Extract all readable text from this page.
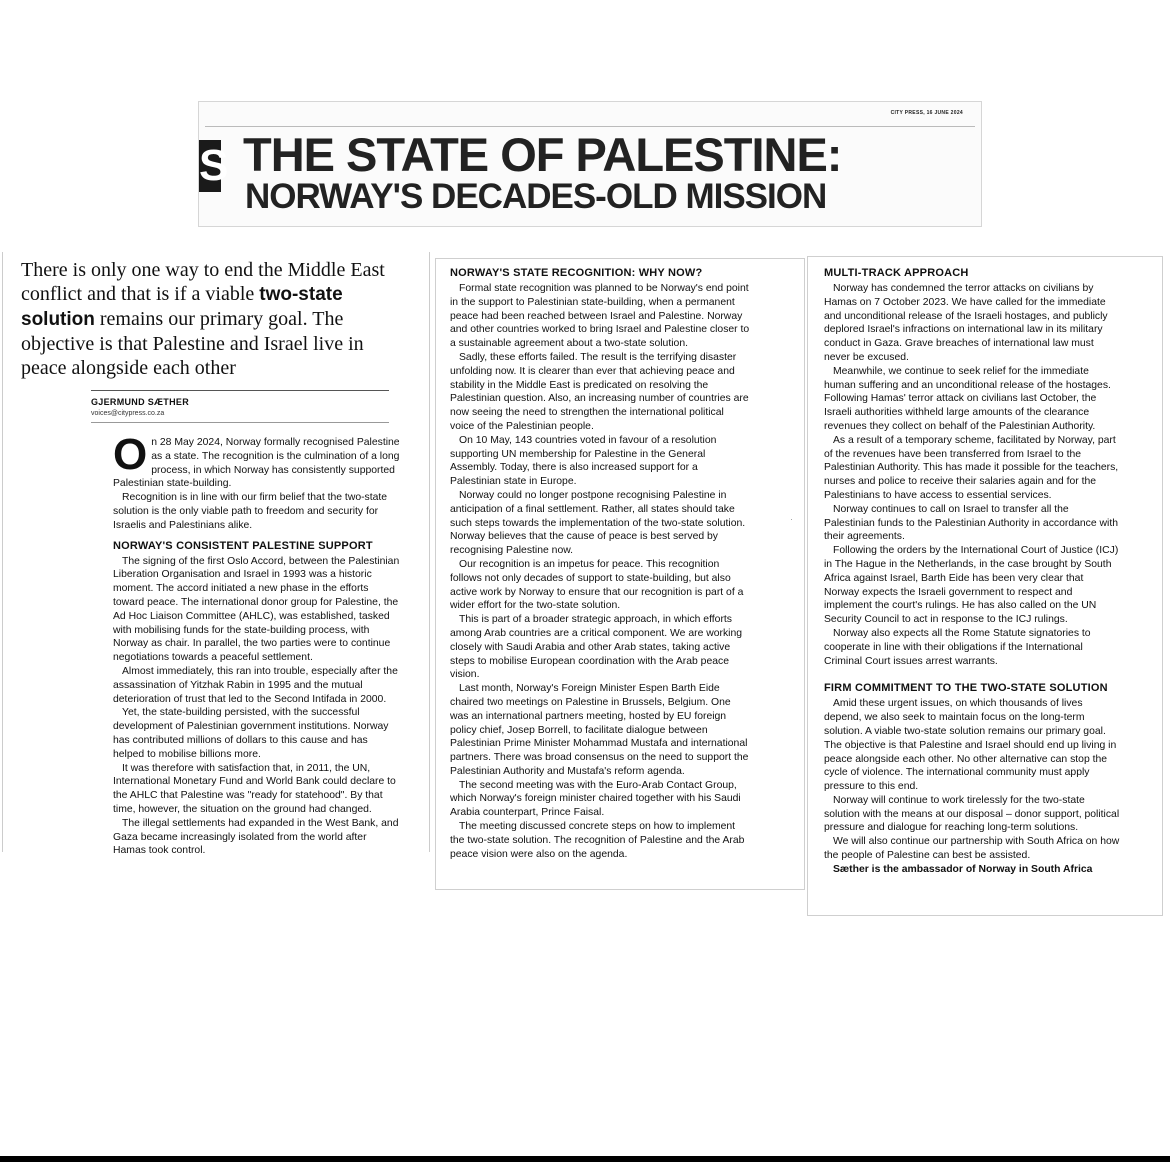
CITY PRESS, 16 JUNE 2024
S THE STATE OF PALESTINE:
NORWAY'S DECADES-OLD MISSION

There is only one way to end the Middle East conflict and that is if a viable two-state solution remains our primary goal. The objective is that Palestine and Israel live in peace alongside each other

GJERMUND SÆTHER
voices@citypress.co.za

On 28 May 2024, Norway formally recognised Palestine as a state. The recognition is the culmination of a long process, in which Norway has consistently supported Palestinian state-building.

Recognition is in line with our firm belief that the two-state solution is the only viable path to freedom and security for Israelis and Palestinians alike.

NORWAY'S CONSISTENT PALESTINE SUPPORT

The signing of the first Oslo Accord, between the Palestinian Liberation Organisation and Israel in 1993 was a historic moment. The accord initiated a new phase in the efforts toward peace. The international donor group for Palestine, the Ad Hoc Liaison Committee (AHLC), was established, tasked with mobilising funds for the state-building process, with Norway as chair. In parallel, the two parties were to continue negotiations towards a peaceful settlement.

Almost immediately, this ran into trouble, especially after the assassination of Yitzhak Rabin in 1995 and the mutual deterioration of trust that led to the Second Intifada in 2000.

Yet, the state-building persisted, with the successful development of Palestinian government institutions. Norway has contributed millions of dollars to this cause and has helped to mobilise billions more.

It was therefore with satisfaction that, in 2011, the UN, International Monetary Fund and World Bank could declare to the AHLC that Palestine was "ready for statehood". By that time, however, the situation on the ground had changed.

The illegal settlements had expanded in the West Bank, and Gaza became increasingly isolated from the world after Hamas took control.

NORWAY'S STATE RECOGNITION: WHY NOW?

Formal state recognition was planned to be Norway's end point in the support to Palestinian state-building, when a permanent peace had been reached between Israel and Palestine. Norway and other countries worked to bring Israel and Palestine closer to a sustainable agreement about a two-state solution.

Sadly, these efforts failed. The result is the terrifying disaster unfolding now. It is clearer than ever that achieving peace and stability in the Middle East is predicated on resolving the Palestinian question. Also, an increasing number of countries are now seeing the need to strengthen the international political voice of the Palestinian people.

On 10 May, 143 countries voted in favour of a resolution supporting UN membership for Palestine in the General Assembly. Today, there is also increased support for a Palestinian state in Europe.

Norway could no longer postpone recognising Palestine in anticipation of a final settlement. Rather, all states should take such steps towards the implementation of the two-state solution. Norway believes that the cause of peace is best served by recognising Palestine now.

Our recognition is an impetus for peace. This recognition follows not only decades of support to state-building, but also active work by Norway to ensure that our recognition is part of a wider effort for the two-state solution.

This is part of a broader strategic approach, in which efforts among Arab countries are a critical component. We are working closely with Saudi Arabia and other Arab states, taking active steps to mobilise European coordination with the Arab peace vision.

Last month, Norway's Foreign Minister Espen Barth Eide chaired two meetings on Palestine in Brussels, Belgium. One was an international partners meeting, hosted by EU foreign policy chief, Josep Borrell, to facilitate dialogue between Palestinian Prime Minister Mohammad Mustafa and international partners. There was broad consensus on the need to support the Palestinian Authority and Mustafa's reform agenda.

The second meeting was with the Euro-Arab Contact Group, which Norway's foreign minister chaired together with his Saudi Arabia counterpart, Prince Faisal.

The meeting discussed concrete steps on how to implement the two-state solution. The recognition of Palestine and the Arab peace vision were also on the agenda.

·
MULTI-TRACK APPROACH

Norway has condemned the terror attacks on civilians by Hamas on 7 October 2023. We have called for the immediate and unconditional release of the Israeli hostages, and publicly deplored Israel's infractions on international law in its military conduct in Gaza. Grave breaches of international law must never be excused.

Meanwhile, we continue to seek relief for the immediate human suffering and an unconditional release of the hostages. Following Hamas' terror attack on civilians last October, the Israeli authorities withheld large amounts of the clearance revenues they collect on behalf of the Palestinian Authority.

As a result of a temporary scheme, facilitated by Norway, part of the revenues have been transferred from Israel to the Palestinian Authority. This has made it possible for the teachers, nurses and police to receive their salaries again and for the Palestinians to have access to essential services.

Norway continues to call on Israel to transfer all the Palestinian funds to the Palestinian Authority in accordance with their agreements.

Following the orders by the International Court of Justice (ICJ) in The Hague in the Netherlands, in the case brought by South Africa against Israel, Barth Eide has been very clear that Norway expects the Israeli government to respect and implement the court's rulings. He has also called on the UN Security Council to act in response to the ICJ rulings.

Norway also expects all the Rome Statute signatories to cooperate in line with their obligations if the International Criminal Court issues arrest warrants.

FIRM COMMITMENT TO THE TWO-STATE SOLUTION

Amid these urgent issues, on which thousands of lives depend, we also seek to maintain focus on the long-term solution. A viable two-state solution remains our primary goal. The objective is that Palestine and Israel should end up living in peace alongside each other. No other alternative can stop the cycle of violence. The international community must apply pressure to this end.

Norway will continue to work tirelessly for the two-state solution with the means at our disposal – donor support, political pressure and dialogue for reaching long-term solutions.

We will also continue our partnership with South Africa on how the people of Palestine can best be assisted.

Sæther is the ambassador of Norway in South Africa
